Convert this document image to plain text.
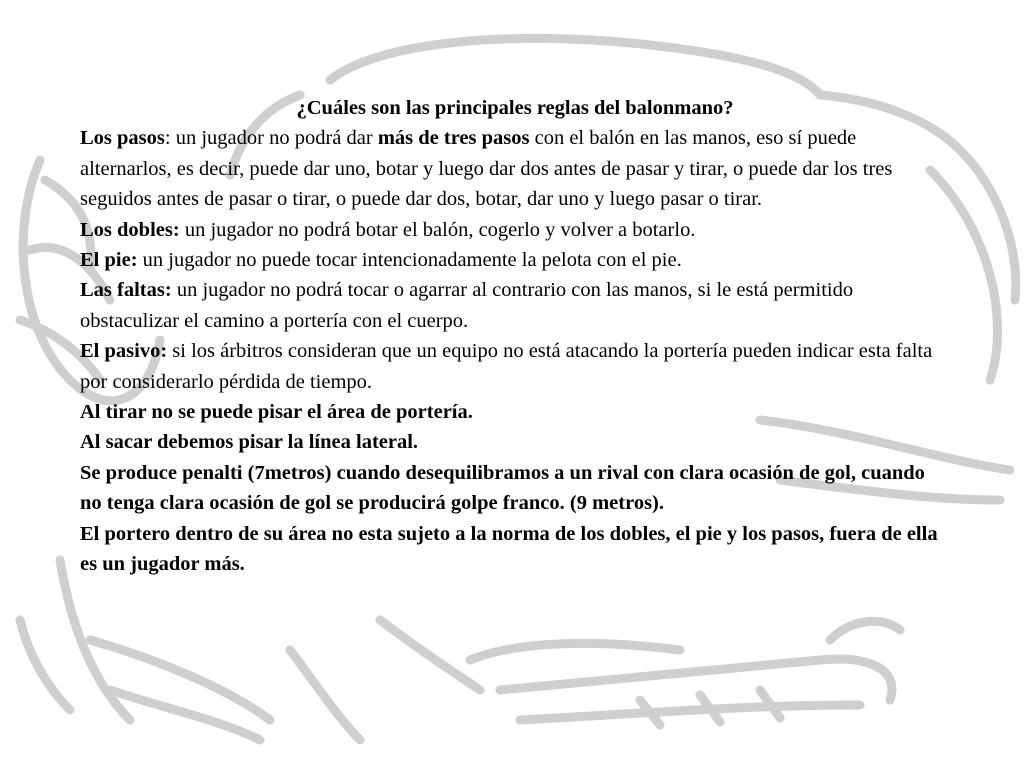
¿Cuáles son las principales reglas del balonmano?

Los pasos: un jugador no podrá dar más de tres pasos con el balón en las manos, eso sí puede alternarlos, es decir, puede dar uno, botar y luego dar dos antes de pasar y tirar, o puede dar los tres seguidos antes de pasar o tirar, o puede dar dos, botar, dar uno y luego pasar o tirar.

Los dobles: un jugador no podrá botar el balón, cogerlo y volver a botarlo.

El pie: un jugador no puede tocar intencionadamente la pelota con el pie.

Las faltas: un jugador no podrá tocar o agarrar al contrario con las manos, si le está permitido obstaculizar el camino a portería con el cuerpo.

El pasivo: si los árbitros consideran que un equipo no está atacando la portería pueden indicar esta falta por considerarlo pérdida de tiempo.

Al tirar no se puede pisar el área de portería.

Al sacar debemos pisar la línea lateral.

Se produce penalti (7metros) cuando desequilibramos a un rival con clara ocasión de gol, cuando no tenga clara ocasión de gol se producirá golpe franco. (9 metros).

El portero dentro de su área no esta sujeto a la norma de los dobles, el pie y los pasos, fuera de ella es un jugador más.
